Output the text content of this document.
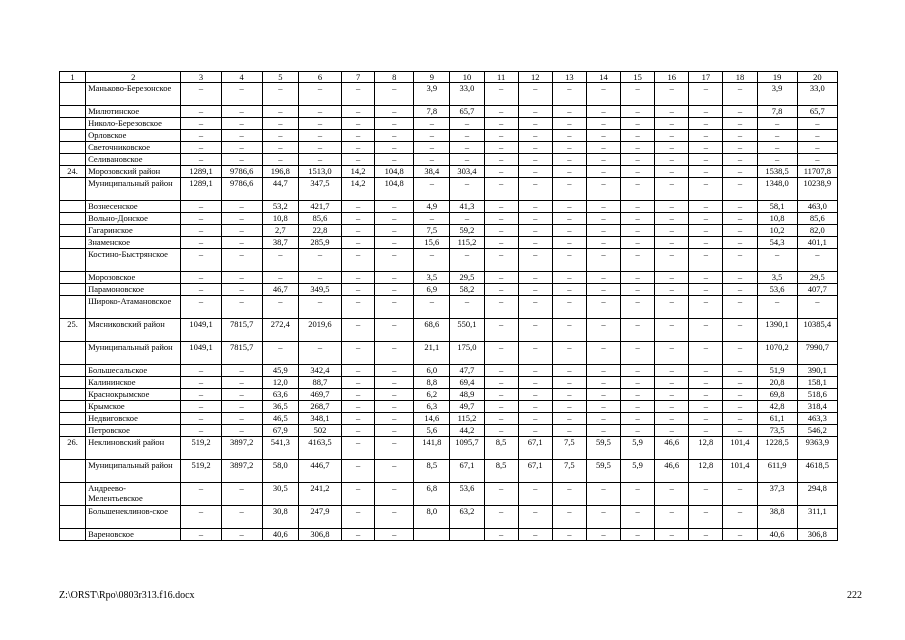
1	2	3	4	5	6	7	8	9	10	11	12	13	14	15	16	17	18	19	20
	Маньково-Березонское	–	–	–	–	–	–	3,9	33,0	–	–	–	–	–	–	–	–	3,9	33,0
	Милютинское	–	–	–	–	–	–	7,8	65,7	–	–	–	–	–	–	–	–	7,8	65,7
	Николо-Березовское	–	–	–	–	–	–	–	–	–	–	–	–	–	–	–	–	–	–
	Орловское	–	–	–	–	–	–	–	–	–	–	–	–	–	–	–	–	–	–
	Светочниковское	–	–	–	–	–	–	–	–	–	–	–	–	–	–	–	–	–	–
	Селивановское	–	–	–	–	–	–	–	–	–	–	–	–	–	–	–	–	–	–
24.	Морозовский район	1289,1	9786,6	196,8	1513,0	14,2	104,8	38,4	303,4	–	–	–	–	–	–	–	–	1538,5	11707,8
	Муниципальный район	1289,1	9786,6	44,7	347,5	14,2	104,8	–	–	–	–	–	–	–	–	–	–	1348,0	10238,9
	Вознесенское	–	–	53,2	421,7	–	–	4,9	41,3	–	–	–	–	–	–	–	–	58,1	463,0
	Вольно-Донское	–	–	10,8	85,6	–	–	–	–	–	–	–	–	–	–	–	–	10,8	85,6
	Гагаринское	–	–	2,7	22,8	–	–	7,5	59,2	–	–	–	–	–	–	–	–	10,2	82,0
	Знаменское	–	–	38,7	285,9	–	–	15,6	115,2	–	–	–	–	–	–	–	–	54,3	401,1
	Костино-Быстрянское	–	–	–	–	–	–	–	–	–	–	–	–	–	–	–	–	–	–
	Морозовское	–	–	–	–	–	–	3,5	29,5	–	–	–	–	–	–	–	–	3,5	29,5
	Парамоновское	–	–	46,7	349,5	–	–	6,9	58,2	–	–	–	–	–	–	–	–	53,6	407,7
	Широко-Атамановское	–	–	–	–	–	–	–	–	–	–	–	–	–	–	–	–	–	–
25.	Мясниковский район	1049,1	7815,7	272,4	2019,6	–	–	68,6	550,1	–	–	–	–	–	–	–	–	1390,1	10385,4
	Муниципальный район	1049,1	7815,7	–	–	–	–	21,1	175,0	–	–	–	–	–	–	–	–	1070,2	7990,7
	Большесальское	–	–	45,9	342,4	–	–	6,0	47,7	–	–	–	–	–	–	–	–	51,9	390,1
	Калининское	–	–	12,0	88,7	–	–	8,8	69,4	–	–	–	–	–	–	–	–	20,8	158,1
	Краснокрымское	–	–	63,6	469,7	–	–	6,2	48,9	–	–	–	–	–	–	–	–	69,8	518,6
	Крымское	–	–	36,5	268,7	–	–	6,3	49,7	–	–	–	–	–	–	–	–	42,8	318,4
	Недвиговское	–	–	46,5	348,1	–	–	14,6	115,2	–	–	–	–	–	–	–	–	61,1	463,3
	Петровское	–	–	67,9	502	–	–	5,6	44,2	–	–	–	–	–	–	–	–	73,5	546,2
26.	Неклиновский район	519,2	3897,2	541,3	4163,5	–	–	141,8	1095,7	8,5	67,1	7,5	59,5	5,9	46,6	12,8	101,4	1228,5	9363,9
	Муниципальный район	519,2	3897,2	58,0	446,7	–	–	8,5	67,1	8,5	67,1	7,5	59,5	5,9	46,6	12,8	101,4	611,9	4618,5
	Андреево-Мелентьевское	–	–	30,5	241,2	–	–	6,8	53,6	–	–	–	–	–	–	–	–	37,3	294,8
	Большенеклинов-ское	–	–	30,8	247,9	–	–	8,0	63,2	–	–	–	–	–	–	–	–	38,8	311,1
	Вареновское	–	–	40,6	306,8	–	–			–	–	–	–	–	–	–	–	40,6	306,8
Z:\ORST\Rpo\0803r313.f16.docx	222
